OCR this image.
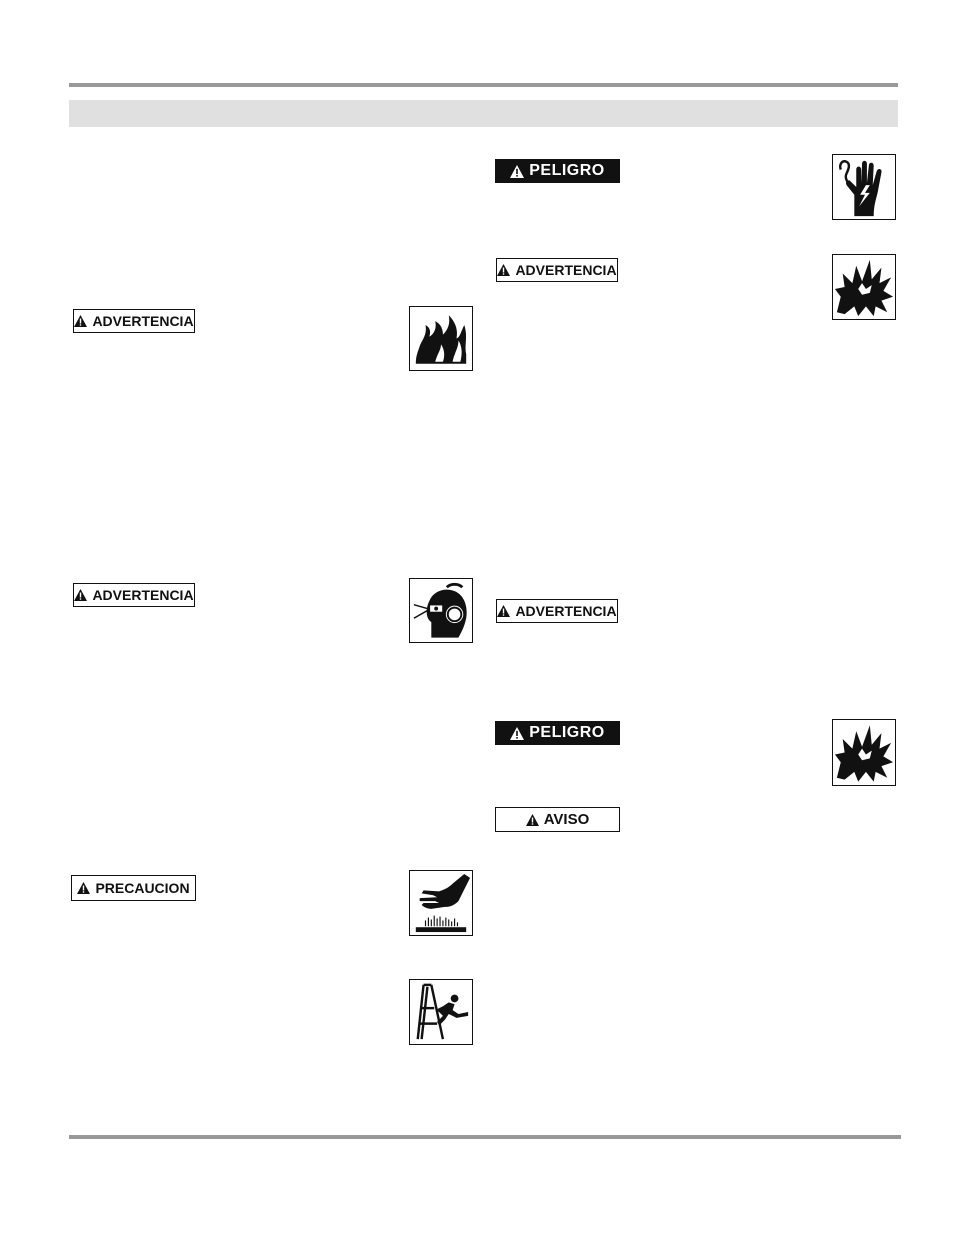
ADVERTENCIA
ADVERTENCIA
PRECAUCION
PELIGRO
ADVERTENCIA
ADVERTENCIA
PELIGRO
AVISO
